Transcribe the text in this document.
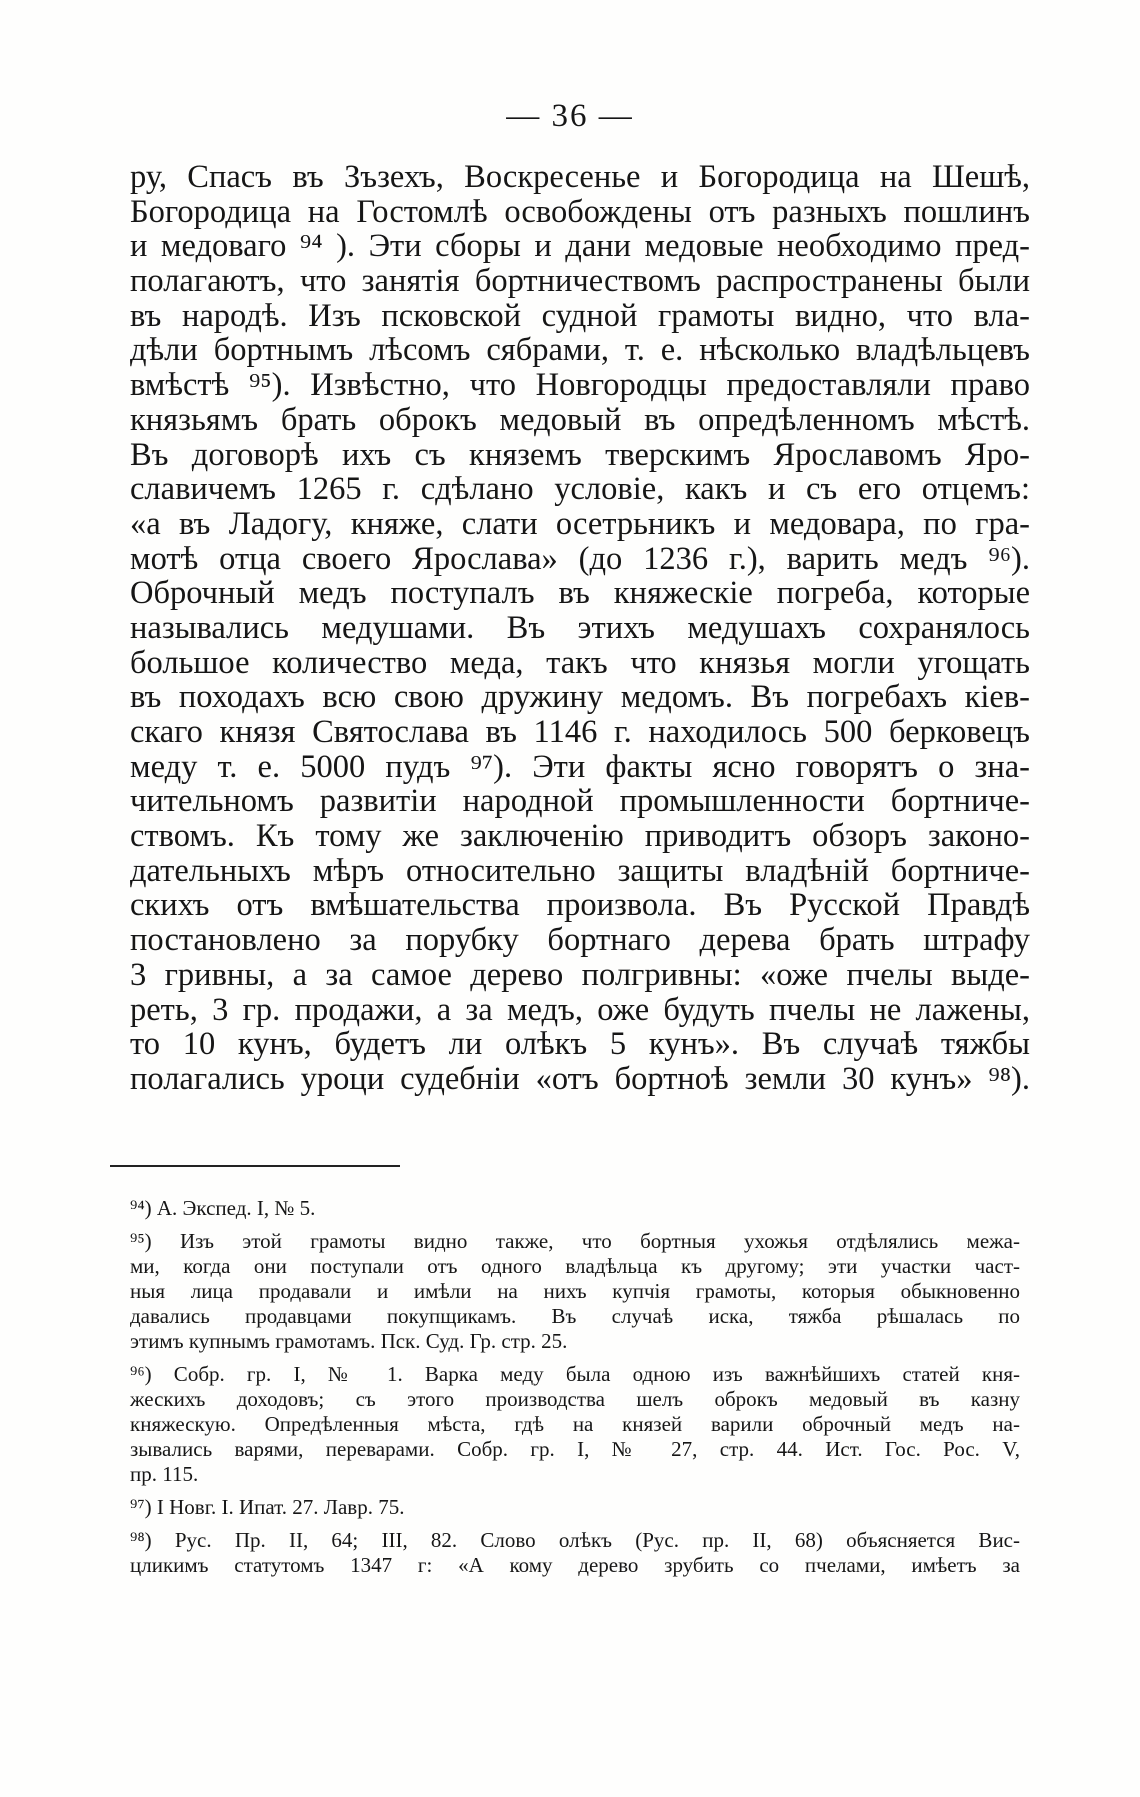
— 36 —
ру, Спасъ въ Зъзехъ, Воскресенье и Богородица на Шешѣ,
Богородица на Гостомлѣ освобождены отъ разныхъ пошлинъ
и медоваго ⁹⁴ ). Эти сборы и дани медовые необходимо пред-
полагаютъ, что занятія бортничествомъ распространены были
въ народѣ. Изъ псковской судной грамоты видно, что вла-
дѣли бортнымъ лѣсомъ сябрами, т. е. нѣсколько владѣльцевъ
вмѣстѣ ⁹⁵). Извѣстно, что Новгородцы предоставляли право
князьямъ брать оброкъ медовый въ опредѣленномъ мѣстѣ.
Въ договорѣ ихъ съ княземъ тверскимъ Ярославомъ Яро-
славичемъ 1265 г. сдѣлано условіе, какъ и съ его отцемъ:
«а въ Ладогу, княже, слати осетрьникъ и медовара, по гра-
мотѣ отца своего Ярослава» (до 1236 г.), варить медъ ⁹⁶).
Оброчный медъ поступалъ въ княжескіе погреба, которые
назывались медушами. Въ этихъ медушахъ сохранялось
большое количество меда, такъ что князья могли угощать
въ походахъ всю свою дружину медомъ. Въ погребахъ кіев-
скаго князя Святослава въ 1146 г. находилось 500 берковецъ
меду т. е. 5000 пудъ ⁹⁷). Эти факты ясно говорятъ о зна-
чительномъ развитіи народной промышленности бортниче-
ствомъ. Къ тому же заключенію приводитъ обзоръ законо-
дательныхъ мѣръ относительно защиты владѣній бортниче-
скихъ отъ вмѣшательства произвола. Въ Русской Правдѣ
постановлено за порубку бортнаго дерева брать штрафу
3 гривны, а за самое дерево полгривны: «оже пчелы выде-
реть, 3 гр. продажи, а за медъ, оже будуть пчелы не лажены,
то 10 кунъ, будетъ ли олѣкъ 5 кунъ». Въ случаѣ тяжбы
полагались уроци судебніи «отъ бортноѣ земли 30 кунъ» ⁹⁸).
⁹⁴) А. Экспед. I, № 5.
⁹⁵) Изъ этой грамоты видно также, что бортныя ухожья отдѣлялись межа-
ми, когда они поступали отъ одного владѣльца къ другому; эти участки част-
ныя лица продавали и имѣли на нихъ купчія грамоты, которыя обыкновенно
давались продавцами покупщикамъ. Въ случаѣ иска, тяжба рѣшалась по
этимъ купнымъ грамотамъ. Пск. Суд. Гр. стр. 25.
⁹⁶) Собр. гр. I, № 1. Варка меду была одною изъ важнѣйшихъ статей кня-
жескихъ доходовъ; съ этого производства шелъ оброкъ медовый въ казну
княжескую. Опредѣленныя мѣста, гдѣ на князей варили оброчный медъ на-
зывались варями, переварами. Собр. гр. I, № 27, стр. 44. Ист. Гос. Рос. V,
пр. 115.
⁹⁷) I Новг. I. Ипат. 27. Лавр. 75.
⁹⁸) Рус. Пр. II, 64; III, 82. Слово олѣкъ (Рус. пр. II, 68) объясняется Вис-
цликимъ статутомъ 1347 г: «А кому дерево зрубить со пчелами, имѣетъ за
